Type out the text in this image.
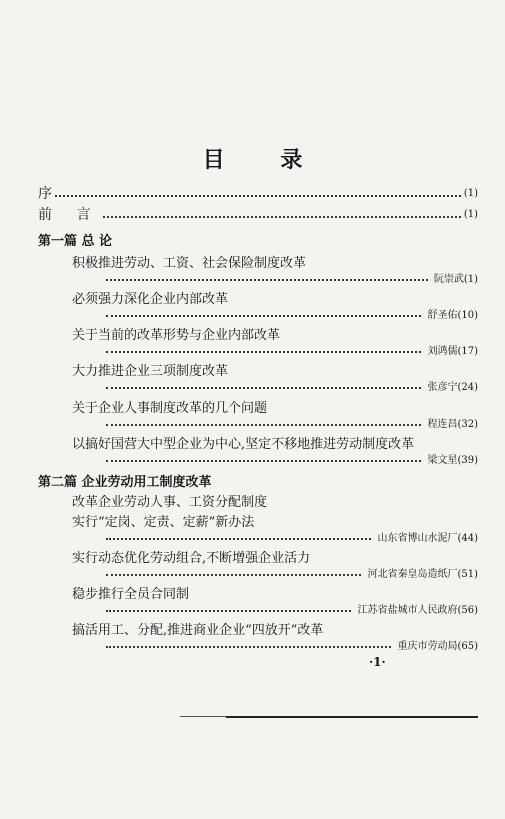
目 录
序	(1)
前 言	(1)
第一篇 总 论
积极推进劳动、工资、社会保险制度改革
阮崇武(1)
必须强力深化企业内部改革
舒圣佑(10)
关于当前的改革形势与企业内部改革
刘鸿儒(17)
大力推进企业三项制度改革
张彦宁(24)
关于企业人事制度改革的几个问题
程连昌(32)
以搞好国营大中型企业为中心,坚定不移地推进劳动制度改革
梁文星(39)
第二篇 企业劳动用工制度改革
改革企业劳动人事、工资分配制度
实行“定岗、定责、定薪”新办法
山东省博山水泥厂(44)
实行动态优化劳动组合,不断增强企业活力
河北省秦皇岛造纸厂(51)
稳步推行全员合同制
江苏省盐城市人民政府(56)
搞活用工、分配,推进商业企业“四放开”改革
重庆市劳动局(65)
·1·
